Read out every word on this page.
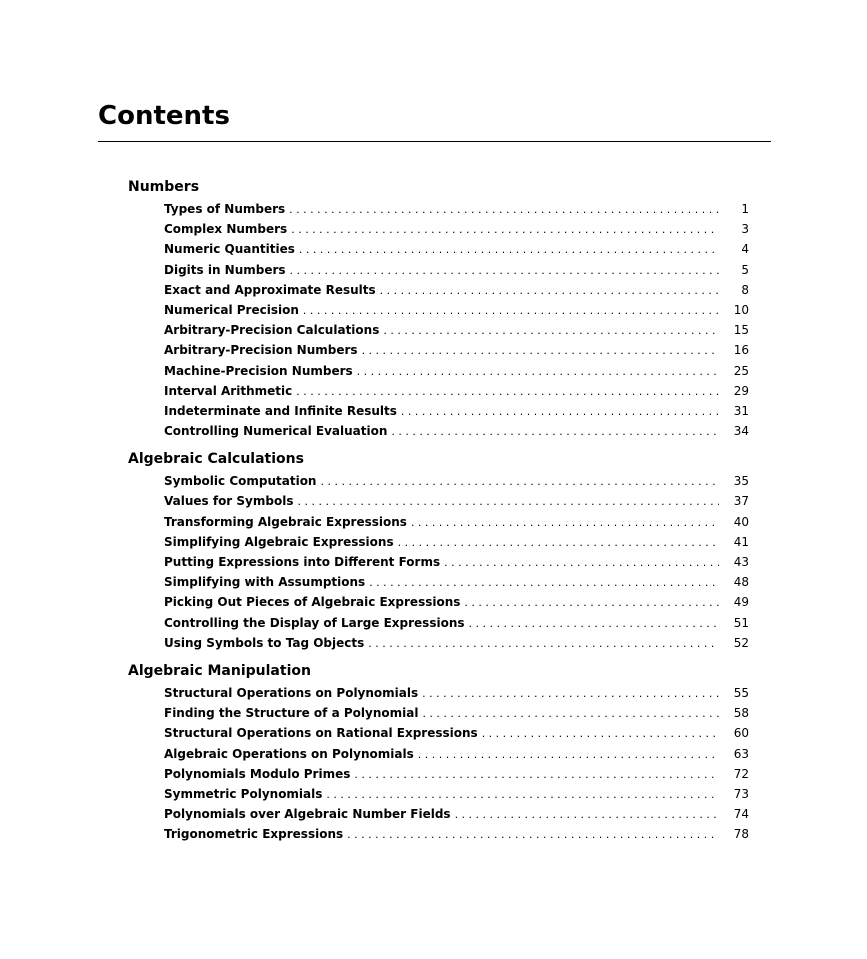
Contents
Numbers
Types of Numbers . . .	1
Complex Numbers . . .	3
Numeric Quantities . . .	4
Digits in Numbers . . .	5
Exact and Approximate Results . . .	8
Numerical Precision . . .	10
Arbitrary-Precision Calculations . . .	15
Arbitrary-Precision Numbers . . .	16
Machine-Precision Numbers . . .	25
Interval Arithmetic . . .	29
Indeterminate and Infinite Results . . .	31
Controlling Numerical Evaluation . . .	34
Algebraic Calculations
Symbolic Computation . . .	35
Values for Symbols . . .	37
Transforming Algebraic Expressions . . .	40
Simplifying Algebraic Expressions . . .	41
Putting Expressions into Different Forms . . .	43
Simplifying with Assumptions . . .	48
Picking Out Pieces of Algebraic Expressions . . .	49
Controlling the Display of Large Expressions . . .	51
Using Symbols to Tag Objects . . .	52
Algebraic Manipulation
Structural Operations on Polynomials . . .	55
Finding the Structure of a Polynomial . . .	58
Structural Operations on Rational Expressions . . .	60
Algebraic Operations on Polynomials . . .	63
Polynomials Modulo Primes . . .	72
Symmetric Polynomials . . .	73
Polynomials over Algebraic Number Fields . . .	74
Trigonometric Expressions . . .	78
